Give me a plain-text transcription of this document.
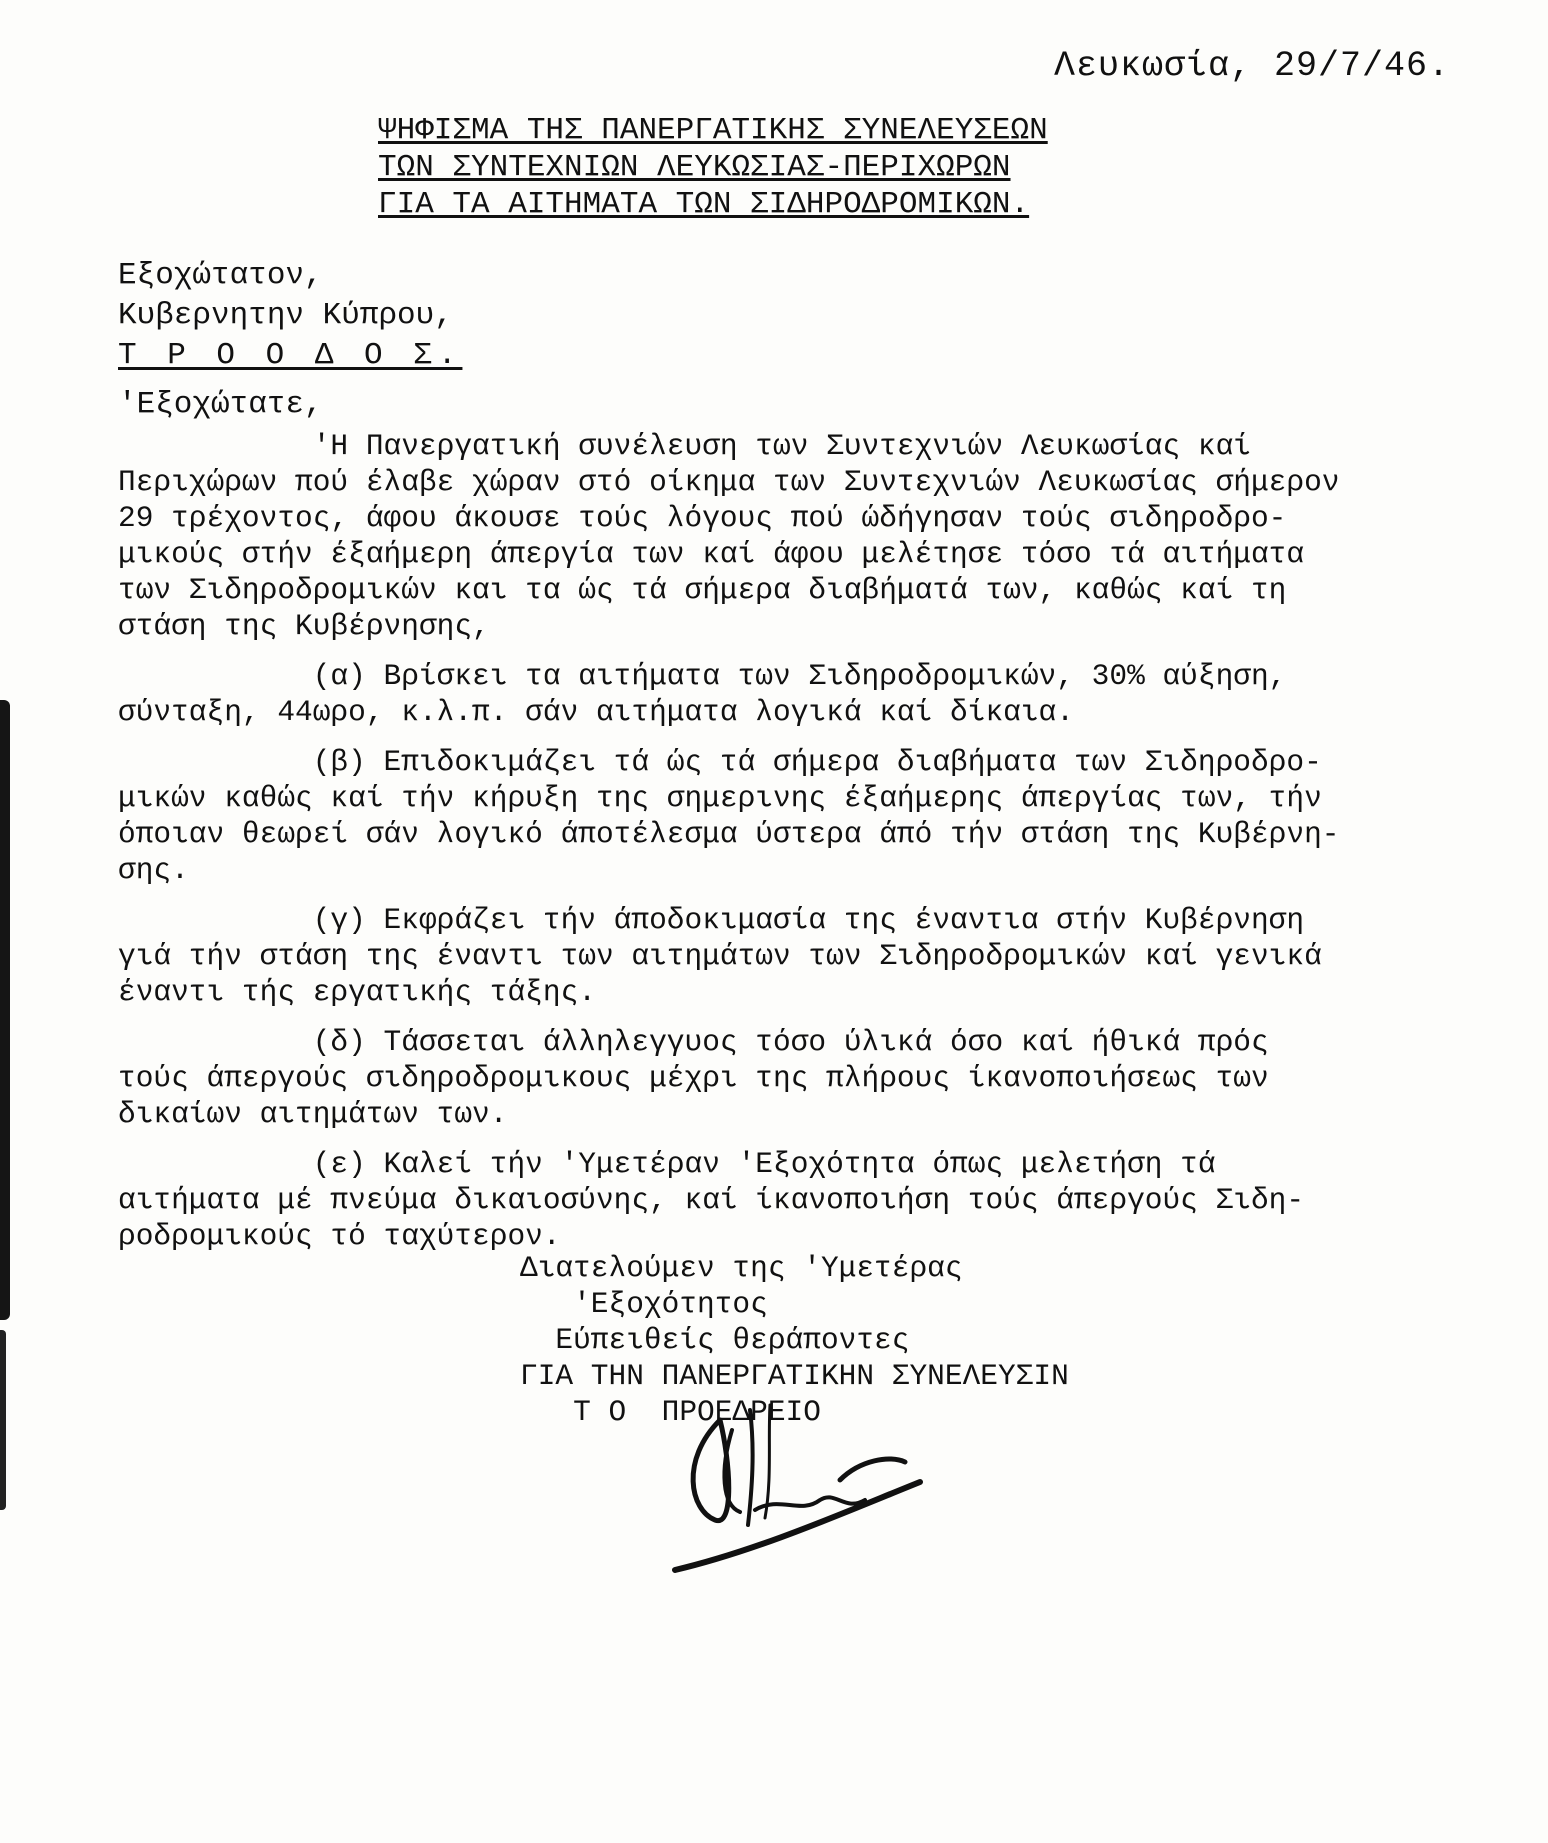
Λευκωσία, 29/7/46.
ΨΗΦΙΣΜΑ ΤΗΣ ΠΑΝΕΡΓΑΤΙΚΗΣ ΣΥΝΕΛΕΥΣΕΩΝ
ΤΩΝ ΣΥΝΤΕΧΝΙΩΝ ΛΕΥΚΩΣΙΑΣ-ΠΕΡΙΧΩΡΩΝ
ΓΙΑ ΤΑ ΑΙΤΗΜΑΤΑ ΤΩΝ ΣΙΔΗΡΟΔΡΟΜΙΚΩΝ.
Εξοχώτατον,
Κυβερνητην Κύπρου,
Τ Ρ Ο Ο Δ Ο Σ.
'Εξοχώτατε,
'Η Πανεργατική συνέλευση των Συντεχνιών Λευκωσίας καί
Περιχώρων πού έλαβε χώραν στό οίκημα των Συντεχνιών Λευκωσίας σήμερον
29 τρέχοντος, άφου άκουσε τούς λόγους πού ώδήγησαν τούς σιδηροδρο-
μικούς στήν έξαήμερη άπεργία των καί άφου μελέτησε τόσο τά αιτήματα
των Σιδηροδρομικών και τα ώς τά σήμερα διαβήματά των, καθώς καί τη
στάση της Κυβέρνησης,
(α) Βρίσκει τα αιτήματα των Σιδηροδρομικών, 30% αύξηση,
σύνταξη, 44ωρο, κ.λ.π. σάν αιτήματα λογικά καί δίκαια.
(β) Επιδοκιμάζει τά ώς τά σήμερα διαβήματα των Σιδηροδρο-
μικών καθώς καί τήν κήρυξη της σημερινης έξαήμερης άπεργίας των, τήν
όποιαν θεωρεί σάν λογικό άποτέλεσμα ύστερα άπό τήν στάση της Κυβέρνη-
σης.
(γ) Εκφράζει τήν άποδοκιμασία της έναντια στήν Κυβέρνηση
γιά τήν στάση της έναντι των αιτημάτων των Σιδηροδρομικών καί γενικά
έναντι τής εργατικής τάξης.
(δ) Τάσσεται άλληλεγγυος τόσο ύλικά όσο καί ήθικά πρός
τούς άπεργούς σιδηροδρομικους μέχρι της πλήρους ίκανοποιήσεως των
δικαίων αιτημάτων των.
(ε) Καλεί τήν 'Υμετέραν 'Εξοχότητα όπως μελετήση τά
αιτήματα μέ πνεύμα δικαιοσύνης, καί ίκανοποιήση τούς άπεργούς Σιδη-
ροδρομικούς τό ταχύτερον.
Διατελούμεν της 'Υμετέρας
'Εξοχότητος
Εύπειθείς θεράποντες
ΓΙΑ ΤΗΝ ΠΑΝΕΡΓΑΤΙΚΗΝ ΣΥΝΕΛΕΥΣΙΝ
Τ Ο  ΠΡΟΕΔΡΕΙΟ
